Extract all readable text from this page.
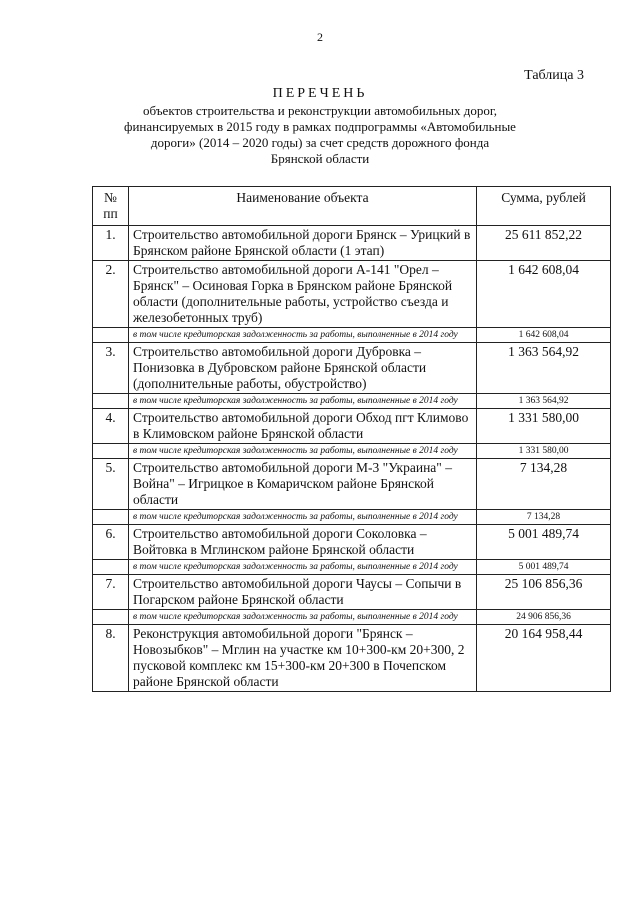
2
Таблица 3
ПЕРЕЧЕНЬ
объектов строительства и реконструкции автомобильных дорог,
финансируемых в 2015 году в рамках подпрограммы «Автомобильные
дороги» (2014 – 2020 годы) за счет средств дорожного фонда
Брянской области
№ пп	Наименование объекта	Сумма, рублей
1.	Строительство автомобильной дороги Брянск – Урицкий в Брянском районе Брянской области (1 этап)	25 611 852,22
2.	Строительство автомобильной дороги А-141 "Орел – Брянск" – Осиновая Горка в Брянском районе Брянской области (дополнительные работы, устройство съезда и железобетонных труб)	1 642 608,04
	в том числе кредиторская задолженность за работы, выполненные в 2014 году	1 642 608,04
3.	Строительство автомобильной дороги Дубровка – Понизовка в Дубровском районе Брянской области (дополнительные работы, обустройство)	1 363 564,92
	в том числе кредиторская задолженность за работы, выполненные в 2014 году	1 363 564,92
4.	Строительство автомобильной дороги Обход пгт Климово в Климовском районе Брянской области	1 331 580,00
	в том числе кредиторская задолженность за работы, выполненные в 2014 году	1 331 580,00
5.	Строительство автомобильной дороги М-3 "Украина" – Война" – Игрицкое в Комаричском районе Брянской области	7 134,28
	в том числе кредиторская задолженность за работы, выполненные в 2014 году	7 134,28
6.	Строительство автомобильной дороги Соколовка – Войтовка в Мглинском районе Брянской области	5 001 489,74
	в том числе кредиторская задолженность за работы, выполненные в 2014 году	5 001 489,74
7.	Строительство автомобильной дороги Чаусы – Сопычи в Погарском районе Брянской области	25 106 856,36
	в том числе кредиторская задолженность за работы, выполненные в 2014 году	24 906 856,36
8.	Реконструкция автомобильной дороги "Брянск – Новозыбков" – Мглин на участке км 10+300-км 20+300, 2 пусковой комплекс км 15+300-км 20+300 в Почепском районе Брянской области	20 164 958,44
